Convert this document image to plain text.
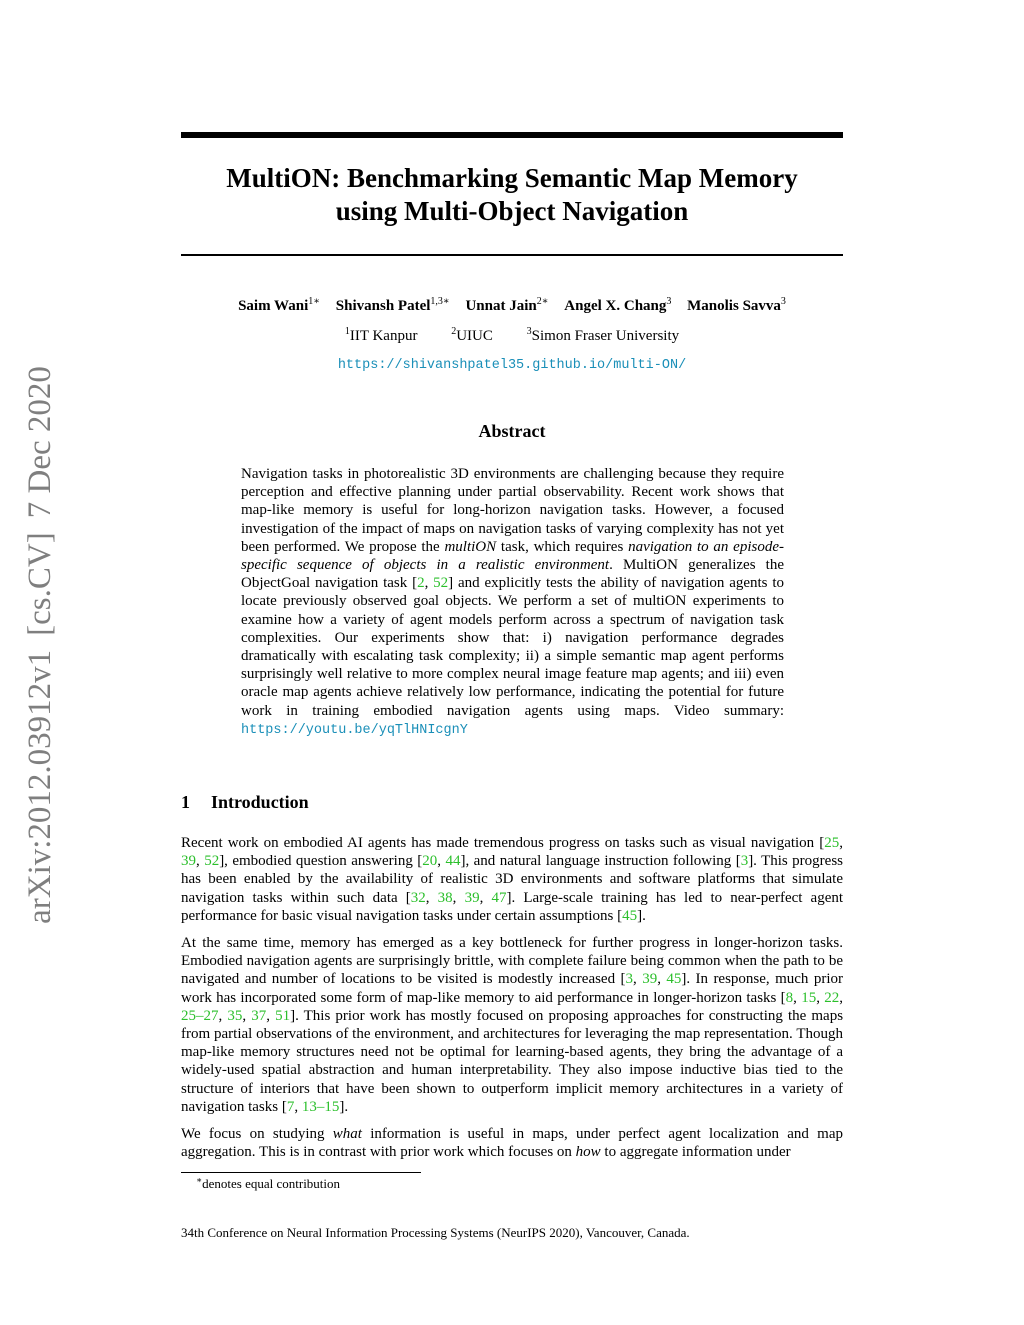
arXiv:2012.03912v1[cs.CV]7 Dec 2020
MultiON: Benchmarking Semantic Map Memory
using Multi-Object Navigation
Saim Wani$^{1∗}$ Shivansh Patel$^{1,3∗}$ Unnat Jain$^{2∗}$ Angel X. Chang$^3$ Manolis Savva$^3$
$^1$IIT Kanpur	$^2$UIUC	$^3$Simon Fraser University
https://shivanshpatel35.github.io/multi-ON/
Abstract
Navigation tasks in photorealistic 3D environments are challenging because they require perception and effective planning under partial observability. Recent work shows that map-like memory is useful for long-horizon navigation tasks. However, a focused investigation of the impact of maps on navigation tasks of varying complexity has not yet been performed. We propose the multiON task, which requires navigation to an episode-specific sequence of objects in a realistic environment. MultiON generalizes the ObjectGoal navigation task [2, 52] and explicitly tests the ability of navigation agents to locate previously observed goal objects. We perform a set of multiON experiments to examine how a variety of agent models perform across a spectrum of navigation task complexities. Our experiments show that: i) navigation performance degrades dramatically with escalating task complexity; ii) a simple semantic map agent performs surprisingly well relative to more complex neural image feature map agents; and iii) even oracle map agents achieve relatively low performance, indicating the potential for future work in training embodied navigation agents using maps. Video summary: https://youtu.be/yqTlHNIcgnY
1 Introduction

Recent work on embodied AI agents has made tremendous progress on tasks such as visual navigation [25, 39, 52], embodied question answering [20, 44], and natural language instruction following [3]. This progress has been enabled by the availability of realistic 3D environments and software platforms that simulate navigation tasks within such data [32, 38, 39, 47]. Large-scale training has led to near-perfect agent performance for basic visual navigation tasks under certain assumptions [45].

At the same time, memory has emerged as a key bottleneck for further progress in longer-horizon tasks. Embodied navigation agents are surprisingly brittle, with complete failure being common when the path to be navigated and number of locations to be visited is modestly increased [3, 39, 45]. In response, much prior work has incorporated some form of map-like memory to aid performance in longer-horizon tasks [8, 15, 22, 25–27, 35, 37, 51]. This prior work has mostly focused on proposing approaches for constructing the maps from partial observations of the environment, and architectures for leveraging the map representation. Though map-like memory structures need not be optimal for learning-based agents, they bring the advantage of a widely-used spatial abstraction and human interpretability. They also impose inductive bias tied to the structure of interiors that have been shown to outperform implicit memory architectures in a variety of navigation tasks [7, 13–15].

We focus on studying what information is useful in maps, under perfect agent localization and map aggregation. This is in contrast with prior work which focuses on how to aggregate information under

∗denotes equal contribution
34th Conference on Neural Information Processing Systems (NeurIPS 2020), Vancouver, Canada.
